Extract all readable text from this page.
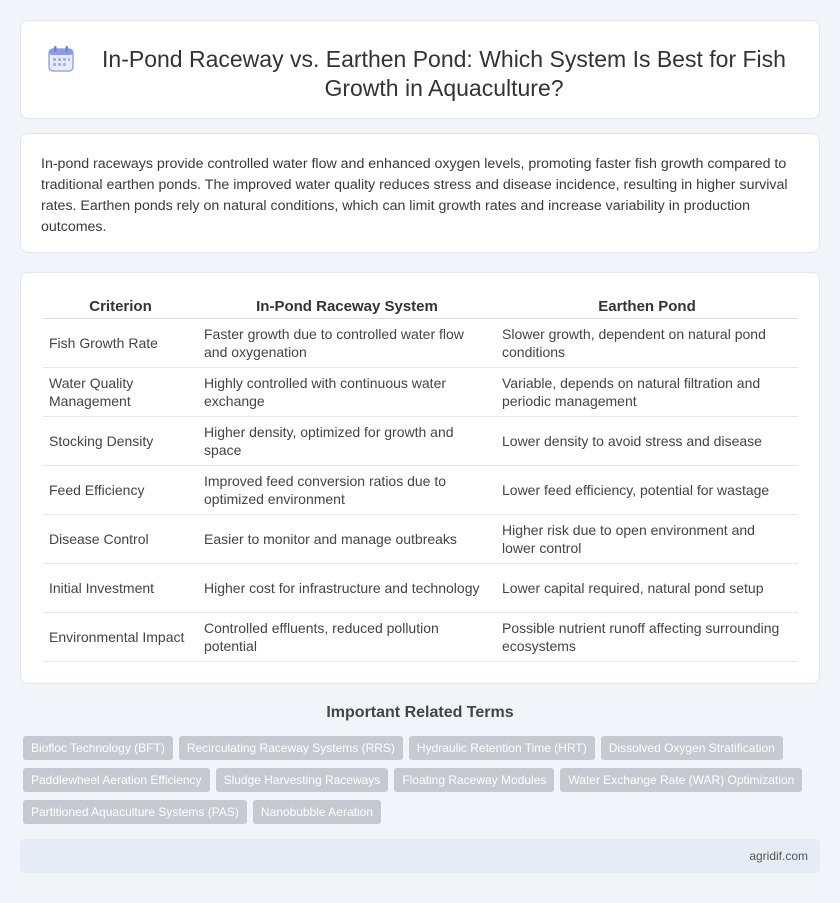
In-Pond Raceway vs. Earthen Pond: Which System Is Best for Fish Growth in Aquaculture?

In-pond raceways provide controlled water flow and enhanced oxygen levels, promoting faster fish growth compared to traditional earthen ponds. The improved water quality reduces stress and disease incidence, resulting in higher survival rates. Earthen ponds rely on natural conditions, which can limit growth rates and increase variability in production outcomes.

Criterion	In-Pond Raceway System	Earthen Pond
Fish Growth Rate	Faster growth due to controlled water flow and oxygenation	Slower growth, dependent on natural pond conditions
Water Quality Management	Highly controlled with continuous water exchange	Variable, depends on natural filtration and periodic management
Stocking Density	Higher density, optimized for growth and space	Lower density to avoid stress and disease
Feed Efficiency	Improved feed conversion ratios due to optimized environment	Lower feed efficiency, potential for wastage
Disease Control	Easier to monitor and manage outbreaks	Higher risk due to open environment and lower control
Initial Investment	Higher cost for infrastructure and technology	Lower capital required, natural pond setup
Environmental Impact	Controlled effluents, reduced pollution potential	Possible nutrient runoff affecting surrounding ecosystems
Important Related Terms
Biofloc Technology (BFT)	Recirculating Raceway Systems (RRS)	Hydraulic Retention Time (HRT)	Dissolved Oxygen Stratification
Paddlewheel Aeration Efficiency	Sludge Harvesting Raceways	Floating Raceway Modules	Water Exchange Rate (WAR) Optimization
Partitioned Aquaculture Systems (PAS)	Nanobubble Aeration
agridif.com
